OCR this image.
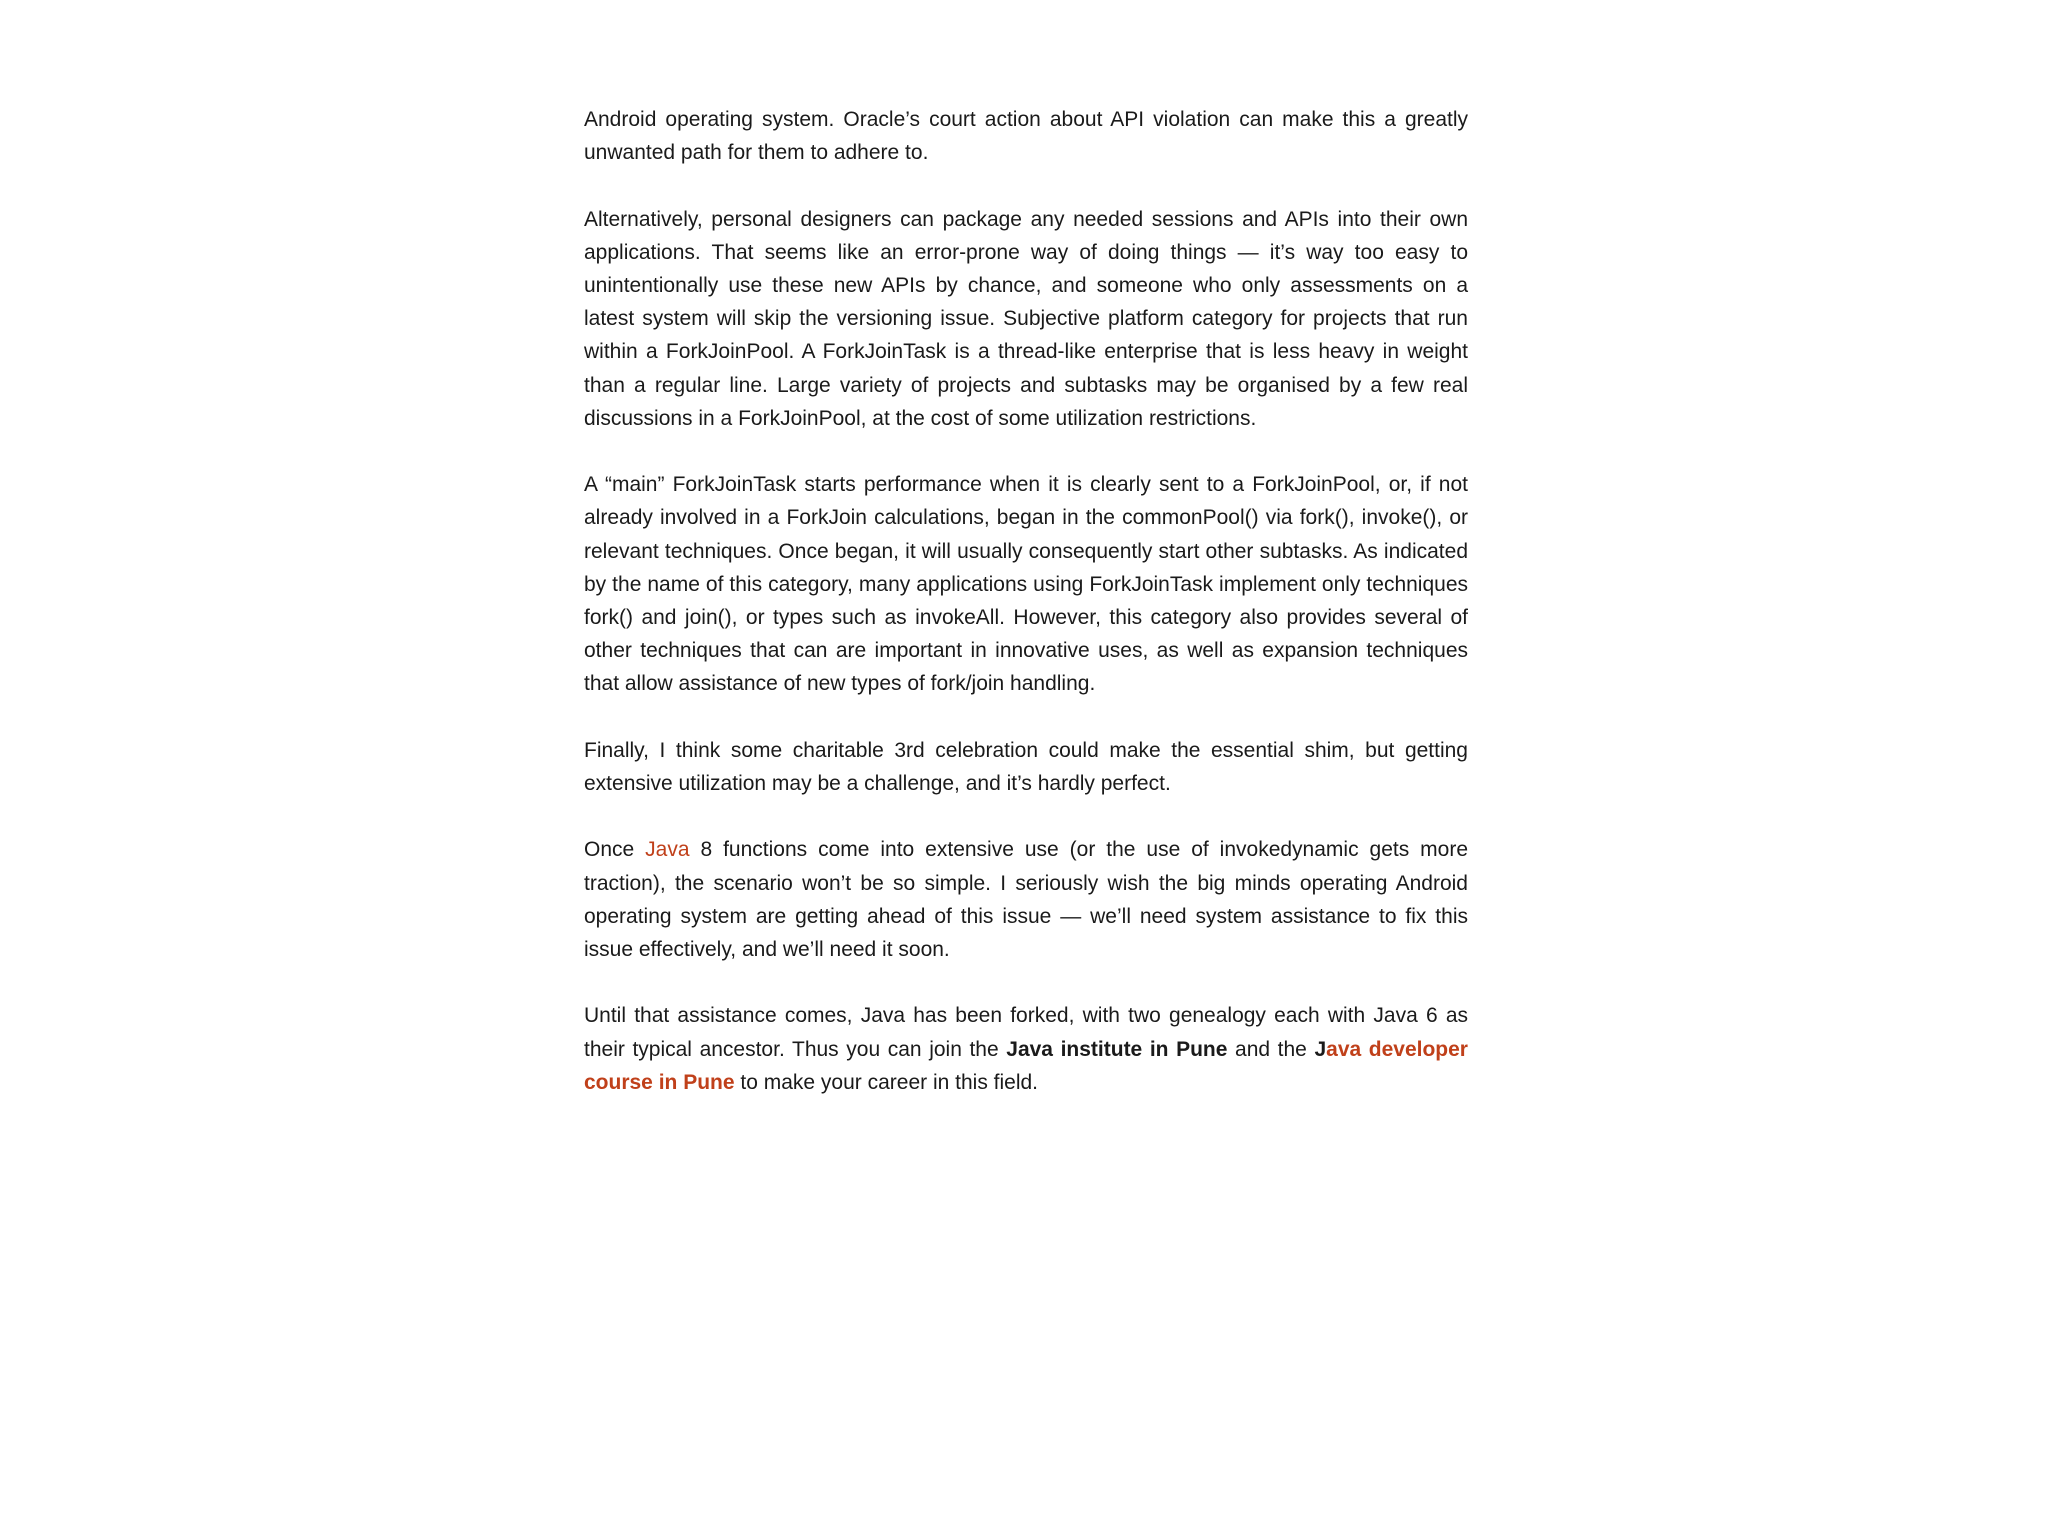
Android operating system. Oracle’s court action about API violation can make this a greatly unwanted path for them to adhere to.

Alternatively, personal designers can package any needed sessions and APIs into their own applications. That seems like an error-prone way of doing things — it’s way too easy to unintentionally use these new APIs by chance, and someone who only assessments on a latest system will skip the versioning issue. Subjective platform category for projects that run within a ForkJoinPool. A ForkJoinTask is a thread-like enterprise that is less heavy in weight than a regular line. Large variety of projects and subtasks may be organised by a few real discussions in a ForkJoinPool, at the cost of some utilization restrictions.

A “main” ForkJoinTask starts performance when it is clearly sent to a ForkJoinPool, or, if not already involved in a ForkJoin calculations, began in the commonPool() via fork(), invoke(), or relevant techniques. Once began, it will usually consequently start other subtasks. As indicated by the name of this category, many applications using ForkJoinTask implement only techniques fork() and join(), or types such as invokeAll. However, this category also provides several of other techniques that can are important in innovative uses, as well as expansion techniques that allow assistance of new types of fork/join handling.

Finally, I think some charitable 3rd celebration could make the essential shim, but getting extensive utilization may be a challenge, and it’s hardly perfect.

Once Java 8 functions come into extensive use (or the use of invokedynamic gets more traction), the scenario won’t be so simple. I seriously wish the big minds operating Android operating system are getting ahead of this issue — we’ll need system assistance to fix this issue effectively, and we’ll need it soon.

Until that assistance comes, Java has been forked, with two genealogy each with Java 6 as their typical ancestor. Thus you can join the Java institute in Pune and the Java developer course in Pune to make your career in this field.
